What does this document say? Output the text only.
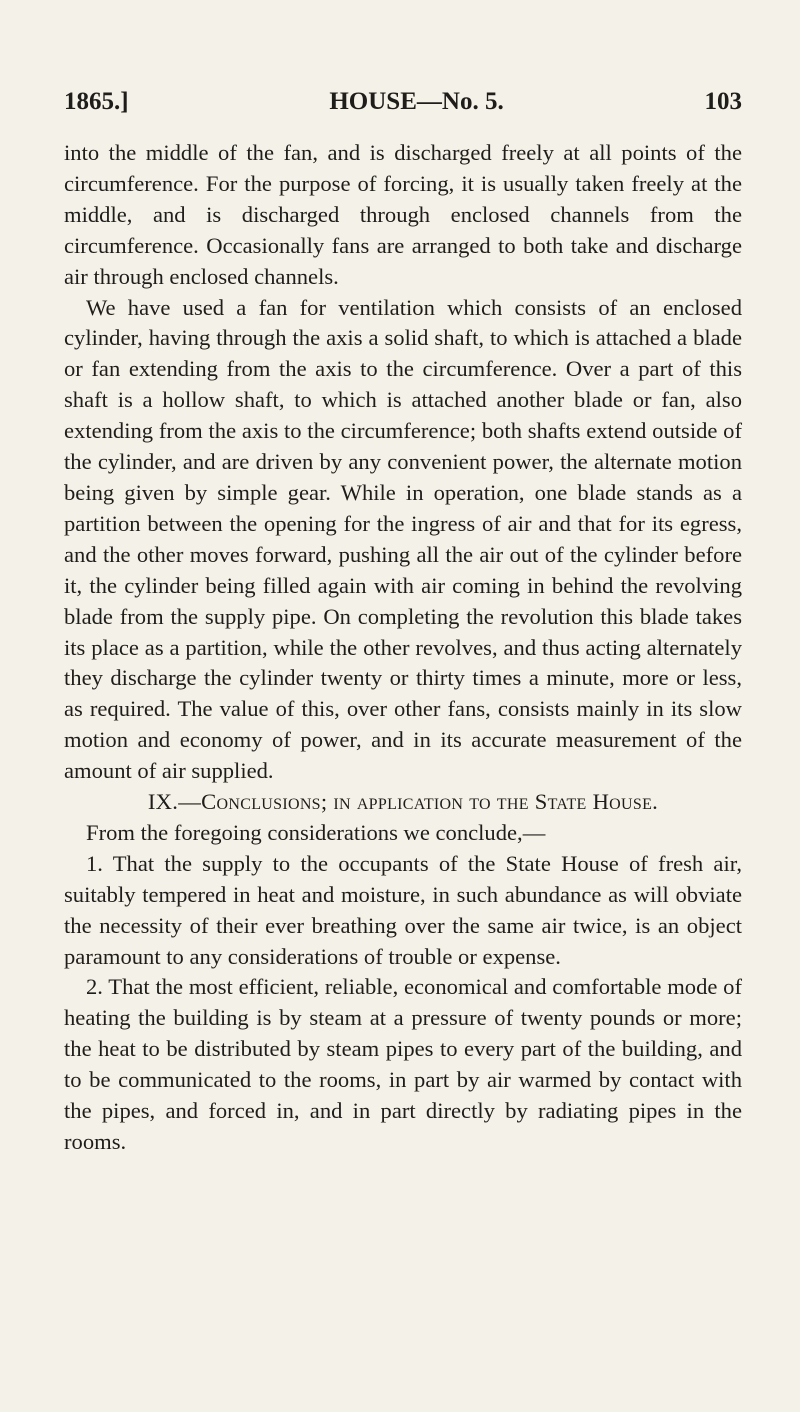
1865.]	HOUSE—No. 5.	103

into the middle of the fan, and is discharged freely at all points of the circumference. For the purpose of forcing, it is usually taken freely at the middle, and is discharged through enclosed channels from the circumference. Occasionally fans are arranged to both take and discharge air through enclosed channels.

We have used a fan for ventilation which consists of an enclosed cylinder, having through the axis a solid shaft, to which is attached a blade or fan extending from the axis to the circumference. Over a part of this shaft is a hollow shaft, to which is attached another blade or fan, also extending from the axis to the circumference; both shafts extend outside of the cylinder, and are driven by any convenient power, the alternate motion being given by simple gear. While in operation, one blade stands as a partition between the opening for the ingress of air and that for its egress, and the other moves forward, pushing all the air out of the cylinder before it, the cylinder being filled again with air coming in behind the revolving blade from the supply pipe. On completing the revolution this blade takes its place as a partition, while the other revolves, and thus acting alternately they discharge the cylinder twenty or thirty times a minute, more or less, as required. The value of this, over other fans, consists mainly in its slow motion and economy of power, and in its accurate measurement of the amount of air supplied.

IX.—Conclusions; in application to the State House.

From the foregoing considerations we conclude,—

1. That the supply to the occupants of the State House of fresh air, suitably tempered in heat and moisture, in such abundance as will obviate the necessity of their ever breathing over the same air twice, is an object paramount to any considerations of trouble or expense.

2. That the most efficient, reliable, economical and comfortable mode of heating the building is by steam at a pressure of twenty pounds or more; the heat to be distributed by steam pipes to every part of the building, and to be communicated to the rooms, in part by air warmed by contact with the pipes, and forced in, and in part directly by radiating pipes in the rooms.
